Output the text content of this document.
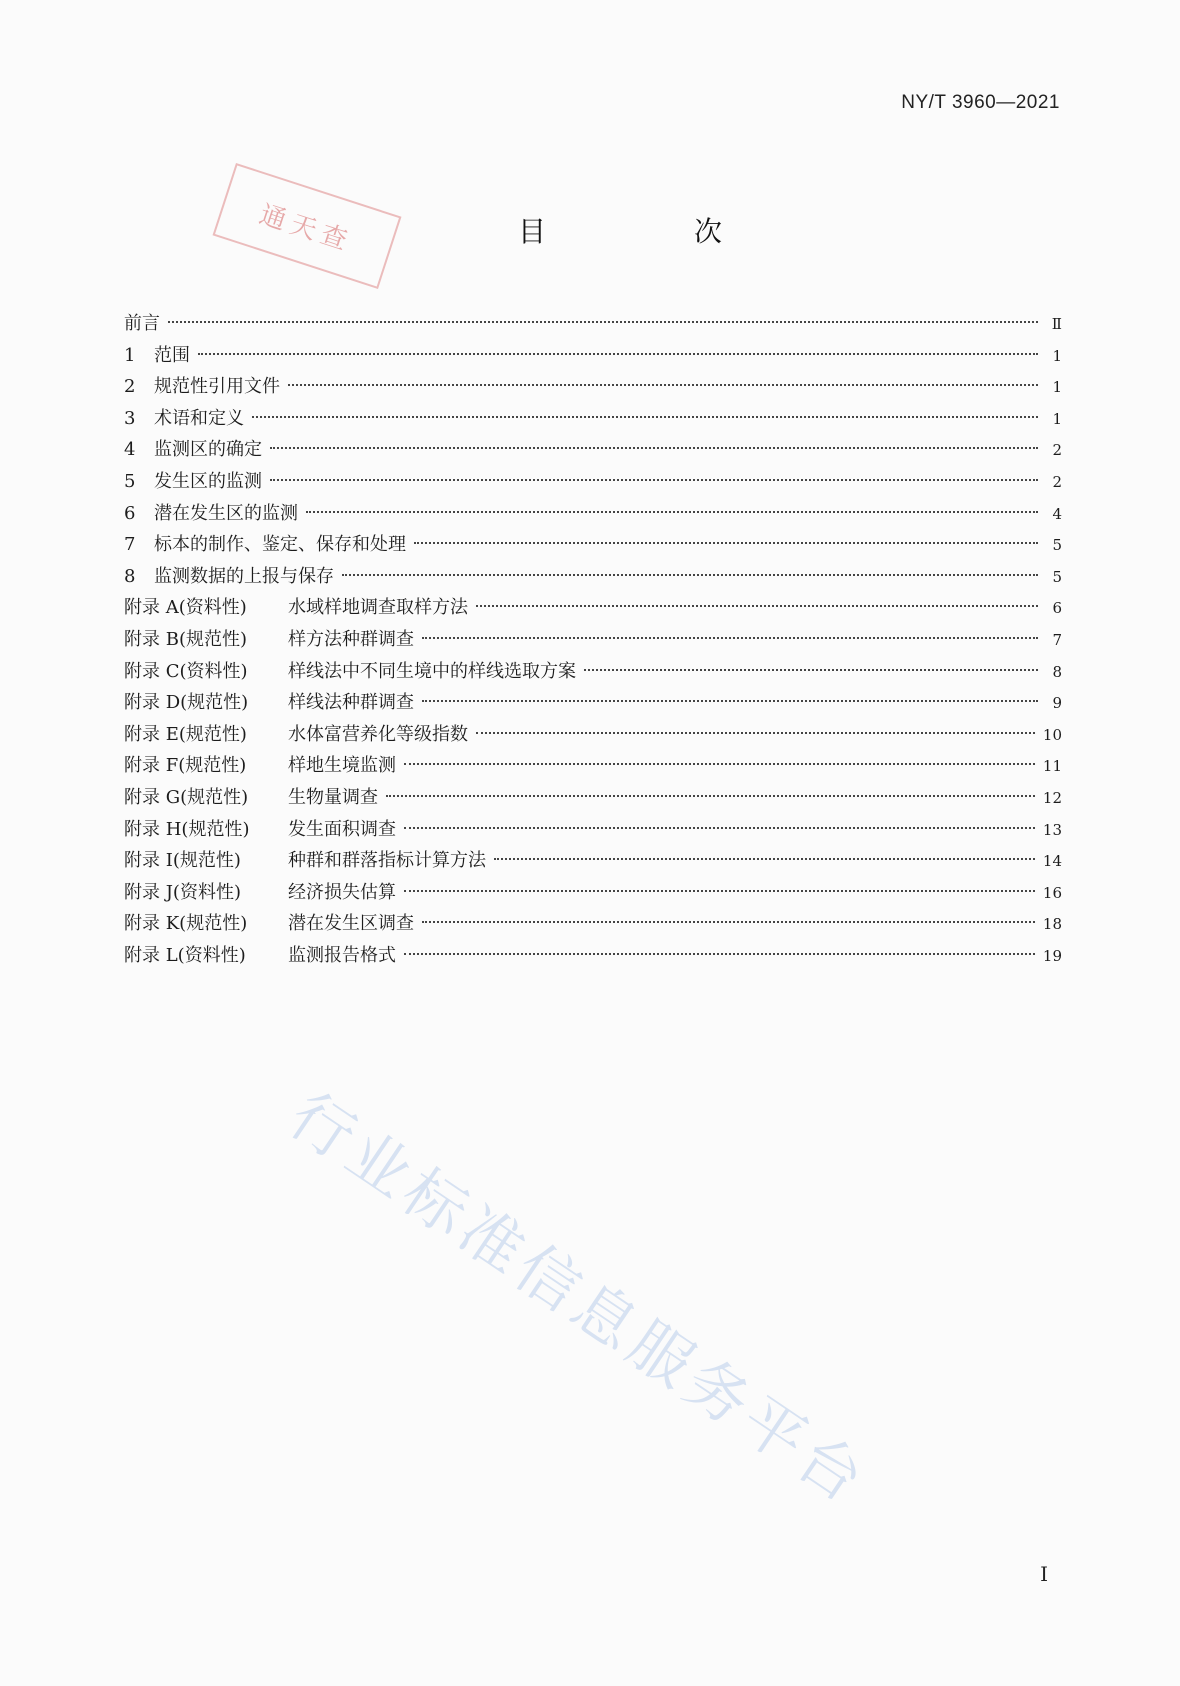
NY/T 3960—2021
通天查	目　次
前言	Ⅱ
1	范围	1
2	规范性引用文件	1
3	术语和定义	1
4	监测区的确定	2
5	发生区的监测	2
6	潜在发生区的监测	4
7	标本的制作、鉴定、保存和处理	5
8	监测数据的上报与保存	5
附录 A(资料性)	水域样地调查取样方法	6
附录 B(规范性)	样方法种群调查	7
附录 C(资料性)	样线法中不同生境中的样线选取方案	8
附录 D(规范性)	样线法种群调查	9
附录 E(规范性)	水体富营养化等级指数	10
附录 F(规范性)	样地生境监测	11
附录 G(规范性)	生物量调查	12
附录 H(规范性)	发生面积调查	13
附录 I(规范性)	种群和群落指标计算方法	14
附录 J(资料性)	经济损失估算	16
附录 K(规范性)	潜在发生区调查	18
附录 L(资料性)	监测报告格式	19
行业标准信息服务平台
I
